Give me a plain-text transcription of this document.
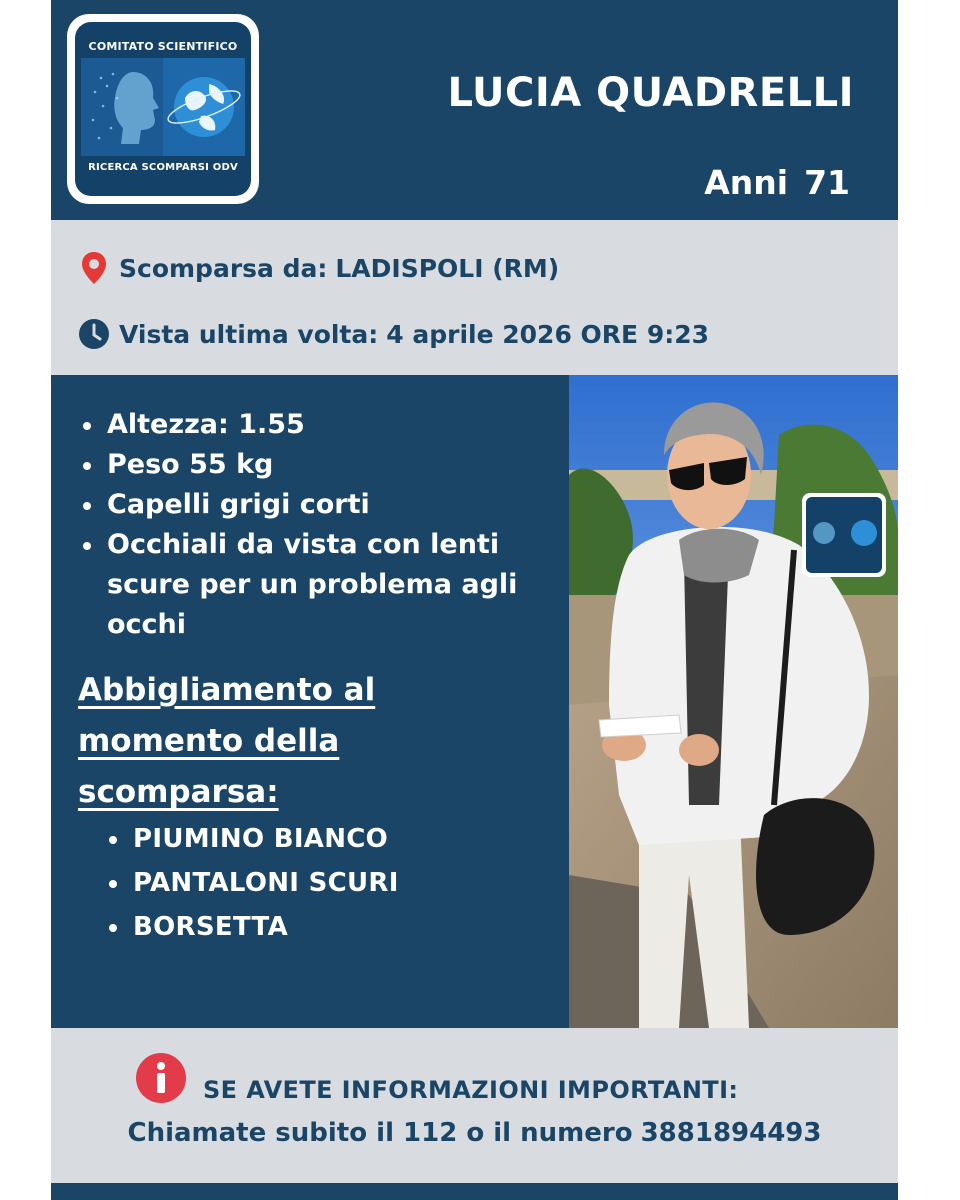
COMITATO SCIENTIFICO
RICERCA SCOMPARSI ODV
LUCIA QUADRELLI
Anni 71
Scomparsa da: LADISPOLI (RM)
Vista ultima volta: 4 aprile 2026 ORE 9:23
Altezza: 1.55
Peso 55 kg
Capelli grigi corti
Occhiali da vista con lenti scure per un problema agli occhi
Abbigliamento al momento della scomparsa:
PIUMINO BIANCO
PANTALONI SCURI
BORSETTA
SE AVETE INFORMAZIONI IMPORTANTI:
Chiamate subito il 112 o il numero 3881894493
